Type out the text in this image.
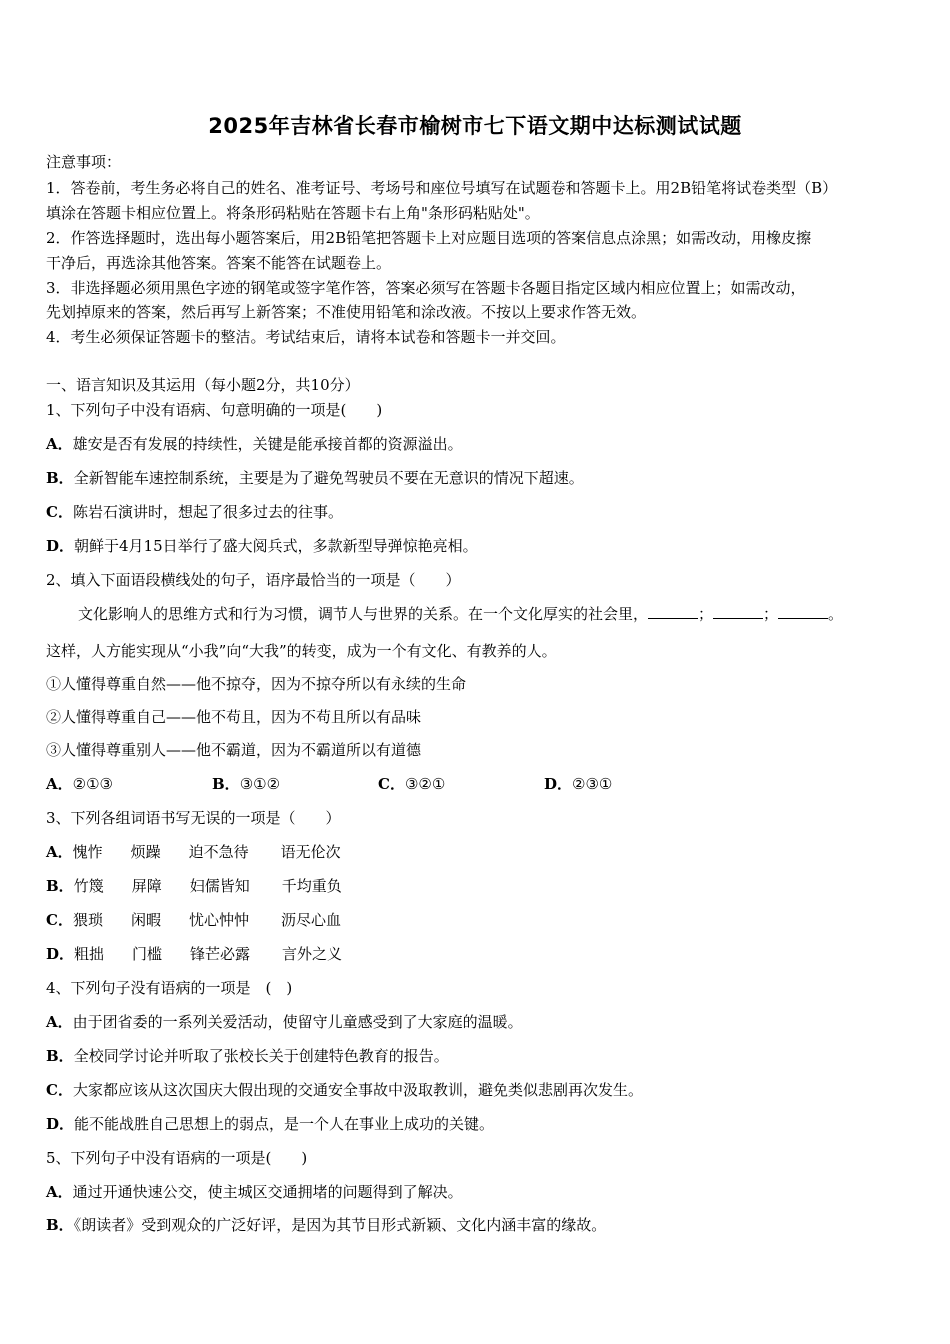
2025年吉林省长春市榆树市七下语文期中达标测试试题
注意事项：
1．答卷前，考生务必将自己的姓名、准考证号、考场号和座位号填写在试题卷和答题卡上。用2B铅笔将试卷类型（B）
填涂在答题卡相应位置上。将条形码粘贴在答题卡右上角"条形码粘贴处"。
2．作答选择题时，选出每小题答案后，用2B铅笔把答题卡上对应题目选项的答案信息点涂黑；如需改动，用橡皮擦
干净后，再选涂其他答案。答案不能答在试题卷上。
3．非选择题必须用黑色字迹的钢笔或签字笔作答，答案必须写在答题卡各题目指定区域内相应位置上；如需改动，
先划掉原来的答案，然后再写上新答案；不准使用铅笔和涂改液。不按以上要求作答无效。
4．考生必须保证答题卡的整洁。考试结束后，请将本试卷和答题卡一并交回。
一、语言知识及其运用（每小题2分，共10分）
1、下列句子中没有语病、句意明确的一项是(　　)
A．雄安是否有发展的持续性，关键是能承接首都的资源溢出。
B．全新智能车速控制系统，主要是为了避免驾驶员不要在无意识的情况下超速。
C．陈岩石演讲时，想起了很多过去的往事。
D．朝鲜于4月15日举行了盛大阅兵式，多款新型导弹惊艳亮相。
2、填入下面语段横线处的句子，语序最恰当的一项是（　　）
文化影响人的思维方式和行为习惯，调节人与世界的关系。在一个文化厚实的社会里，	；	；	。
这样，人方能实现从“小我”向“大我”的转变，成为一个有文化、有教养的人。
①人懂得尊重自然——他不掠夺，因为不掠夺所以有永续的生命
②人懂得尊重自己——他不苟且，因为不苟且所以有品味
③人懂得尊重别人——他不霸道，因为不霸道所以有道德
A．②①③	B．③①②	C．③②①	D．②③①
3、下列各组词语书写无误的一项是（　　）
A．愧怍 烦躁 迫不急待 语无伦次
B．竹篾 屏障 妇儒皆知 千均重负
C．猥琐 闲暇 忧心忡忡 沥尽心血
D．粗拙 门槛 锋芒必露 言外之义
4、下列句子没有语病的一项是　(　)
A．由于团省委的一系列关爱活动，使留守儿童感受到了大家庭的温暖。
B．全校同学讨论并听取了张校长关于创建特色教育的报告。
C．大家都应该从这次国庆大假出现的交通安全事故中汲取教训，避免类似悲剧再次发生。
D．能不能战胜自己思想上的弱点，是一个人在事业上成功的关键。
5、下列句子中没有语病的一项是(　　)
A．通过开通快速公交，使主城区交通拥堵的问题得到了解决。
B．《朗读者》受到观众的广泛好评，是因为其节目形式新颖、文化内涵丰富的缘故。
